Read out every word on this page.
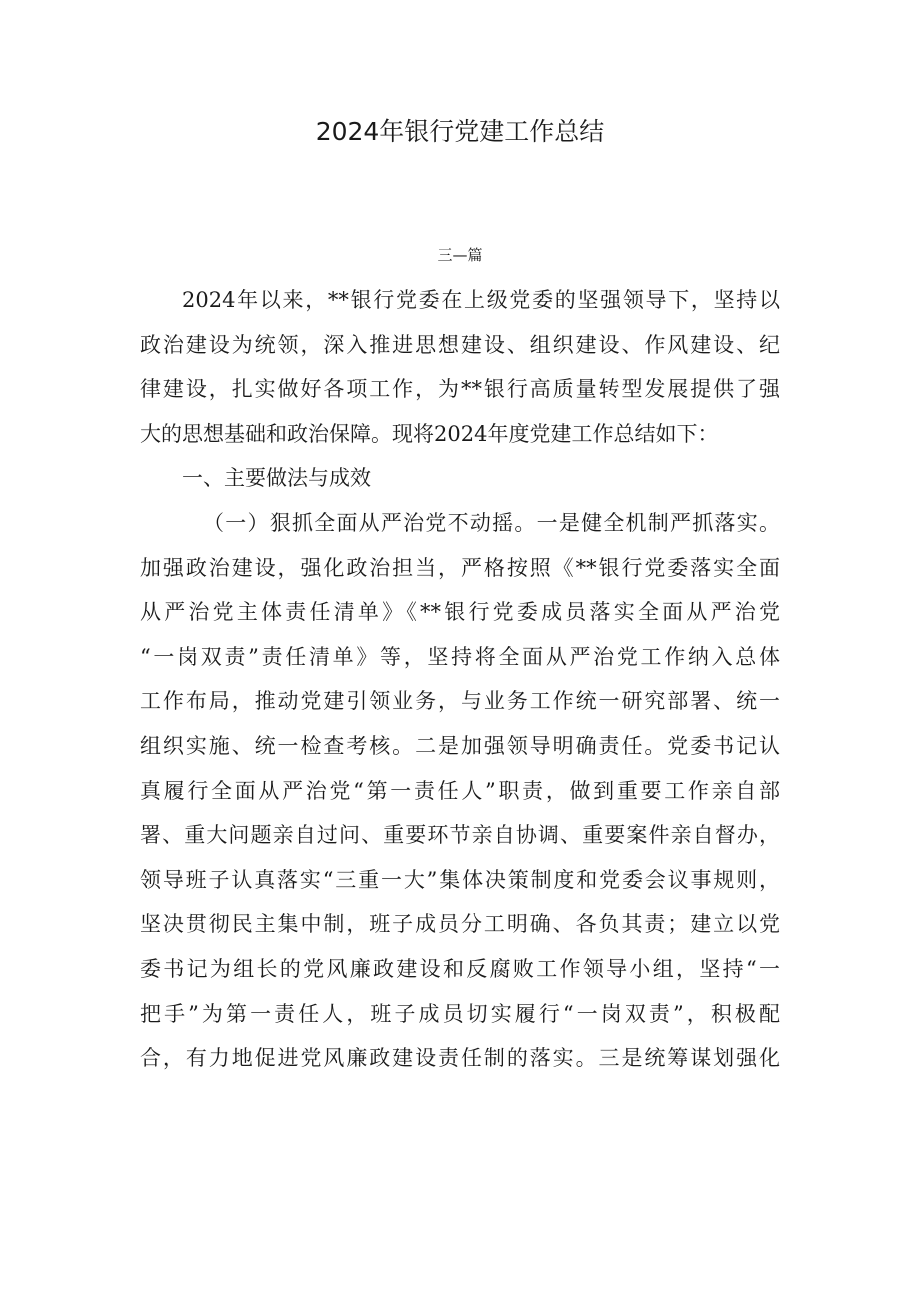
2024年银行党建工作总结
三—篇
2024年以来，**银行党委在上级党委的坚强领导下，坚持以
政治建设为统领，深入推进思想建设、组织建设、作风建设、纪
律建设，扎实做好各项工作，为**银行高质量转型发展提供了强
大的思想基础和政治保障。现将2024年度党建工作总结如下：
一、主要做法与成效
（一）狠抓全面从严治党不动摇。一是健全机制严抓落实。
加强政治建设，强化政治担当，严格按照《**银行党委落实全面
从严治党主体责任清单》《**银行党委成员落实全面从严治党
“一岗双责”责任清单》等，坚持将全面从严治党工作纳入总体
工作布局，推动党建引领业务，与业务工作统一研究部署、统一
组织实施、统一检查考核。二是加强领导明确责任。党委书记认
真履行全面从严治党“第一责任人”职责，做到重要工作亲自部
署、重大问题亲自过问、重要环节亲自协调、重要案件亲自督办，
领导班子认真落实“三重一大”集体决策制度和党委会议事规则，
坚决贯彻民主集中制，班子成员分工明确、各负其责；建立以党
委书记为组长的党风廉政建设和反腐败工作领导小组，坚持“一
把手”为第一责任人，班子成员切实履行“一岗双责”，积极配
合，有力地促进党风廉政建设责任制的落实。三是统筹谋划强化
